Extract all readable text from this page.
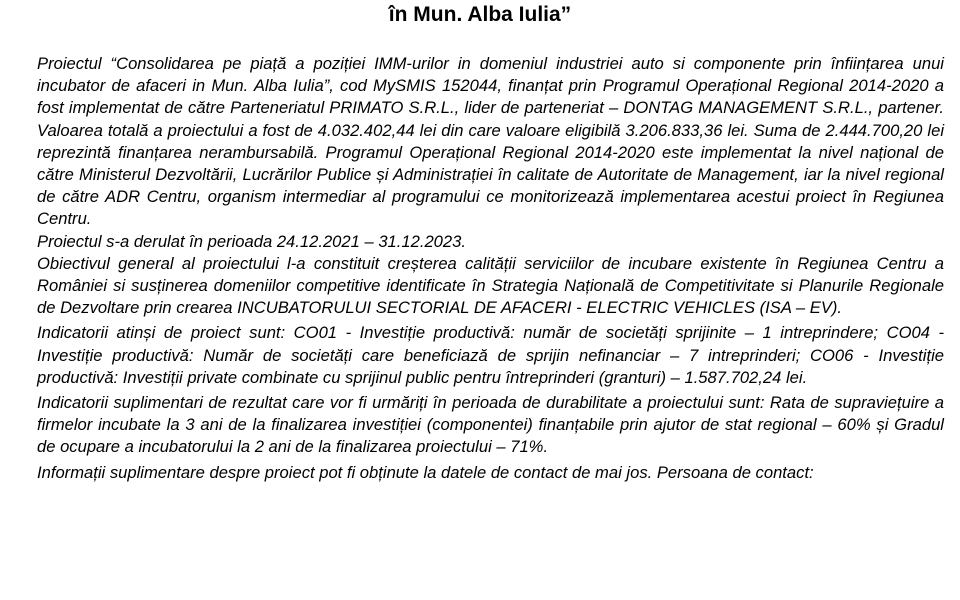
în Mun. Alba Iulia”

Proiectul “Consolidarea pe piață a poziției IMM-urilor in domeniul industriei auto si componente prin înființarea unui incubator de afaceri in Mun. Alba Iulia”, cod MySMIS 152044, finanțat prin Programul Operațional Regional 2014-2020 a fost implementat de către Parteneriatul PRIMATO S.R.L., lider de parteneriat – DONTAG MANAGEMENT S.R.L., partener. Valoarea totală a proiectului a fost de 4.032.402,44 lei din care valoare eligibilă 3.206.833,36 lei. Suma de 2.444.700,20 lei reprezintă finanțarea nerambursabilă. Programul Operațional Regional 2014-2020 este implementat la nivel național de către Ministerul Dezvoltării, Lucrărilor Publice și Administrației în calitate de Autoritate de Management, iar la nivel regional de către ADR Centru, organism intermediar al programului ce monitorizează implementarea acestui proiect în Regiunea Centru.

Proiectul s-a derulat în perioada 24.12.2021 – 31.12.2023.

Obiectivul general al proiectului l-a constituit creșterea calității serviciilor de incubare existente în Regiunea Centru a României si susținerea domeniilor competitive identificate în Strategia Națională de Competitivitate si Planurile Regionale de Dezvoltare prin crearea INCUBATORULUI SECTORIAL DE AFACERI - ELECTRIC VEHICLES (ISA – EV).

Indicatorii atinși de proiect sunt: CO01 - Investiție productivă: număr de societăți sprijinite – 1 intreprindere; CO04 - Investiție productivă: Număr de societăți care beneficiază de sprijin nefinanciar – 7 intreprinderi; CO06 - Investiție productivă: Investiții private combinate cu sprijinul public pentru întreprinderi (granturi) – 1.587.702,24 lei.

Indicatorii suplimentari de rezultat care vor fi urmăriți în perioada de durabilitate a proiectului sunt: Rata de supraviețuire a firmelor incubate la 3 ani de la finalizarea investiției (componentei) finanțabile prin ajutor de stat regional – 60% și Gradul de ocupare a incubatorului la 2 ani de la finalizarea proiectului – 71%.

Informații suplimentare despre proiect pot fi obținute la datele de contact de mai jos. Persoana de contact:
